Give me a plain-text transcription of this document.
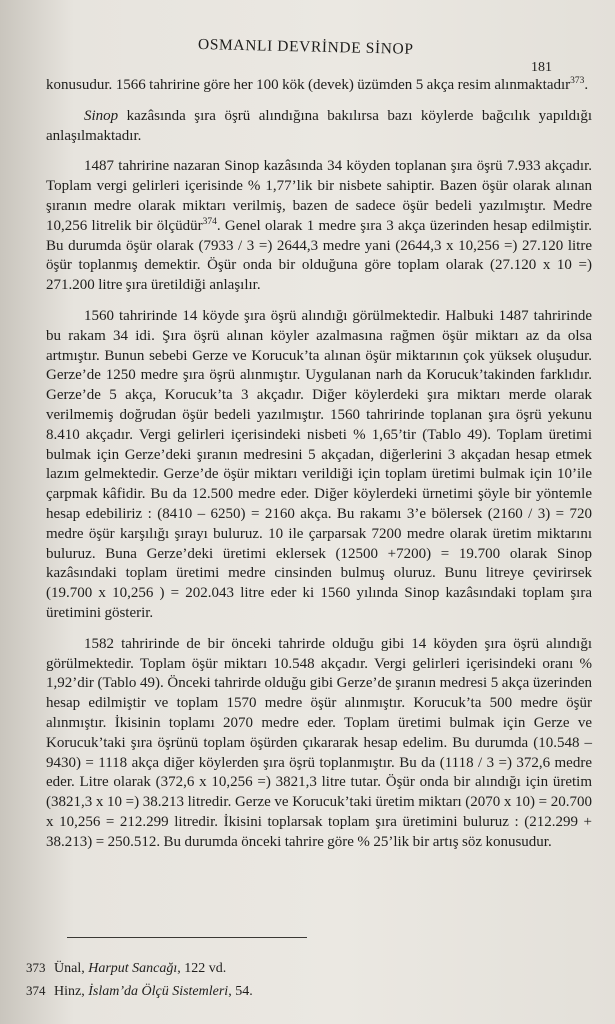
OSMANLI DEVRİNDE SİNOP
181

konusudur. 1566 tahririne göre her 100 kök (devek) üzümden 5 akça resim alınmaktadır$^{373}$.

Sinop kazâsında şıra öşrü alındığına bakılırsa bazı köylerde bağcılık yapıldığı anlaşılmaktadır.

1487 tahririne nazaran Sinop kazâsında 34 köyden toplanan şıra öşrü 7.933 akçadır. Toplam vergi gelirleri içerisinde % 1,77’lik bir nisbete sahiptir. Bazen öşür olarak alınan şıranın medre olarak miktarı verilmiş, bazen de sadece öşür bedeli yazılmıştır. Medre 10,256 litrelik bir ölçüdür$^{374}$. Genel olarak 1 medre şıra 3 akça üzerinden hesap edilmiştir. Bu durumda öşür olarak (7933 / 3 =) 2644,3 medre yani (2644,3 x 10,256 =) 27.120 litre öşür toplanmış demektir. Öşür onda bir olduğuna göre toplam olarak (27.120 x 10 =) 271.200 litre şıra üretildiği anlaşılır.

1560 tahririnde 14 köyde şıra öşrü alındığı görülmektedir. Halbuki 1487 tahririnde bu rakam 34 idi. Şıra öşrü alınan köyler azalmasına rağmen öşür miktarı az da olsa artmıştır. Bunun sebebi Gerze ve Korucuk’ta alınan öşür miktarının çok yüksek oluşudur. Gerze’de 1250 medre şıra öşrü alınmıştır. Uygulanan narh da Korucuk’takinden farklıdır. Gerze’de 5 akça, Korucuk’ta 3 akçadır. Diğer köylerdeki şıra miktarı merde olarak verilmemiş doğrudan öşür bedeli yazılmıştır. 1560 tahririnde toplanan şıra öşrü yekunu 8.410 akçadır. Vergi gelirleri içerisindeki nisbeti % 1,65’tir (Tablo 49). Toplam üretimi bulmak için Gerze’deki şıranın medresini 5 akçadan, diğerlerini 3 akçadan hesap etmek lazım gelmektedir. Gerze’de öşür miktarı verildiği için toplam üretimi bulmak için 10’ile çarpmak kâfidir. Bu da 12.500 medre eder. Diğer köylerdeki ürnetimi şöyle bir yöntemle hesap edebiliriz : (8410 – 6250) = 2160 akça. Bu rakamı 3’e bölersek (2160 / 3) = 720 medre öşür karşılığı şırayı buluruz. 10 ile çarparsak 7200 medre olarak üretim miktarını buluruz. Buna Gerze’deki üretimi eklersek (12500 +7200) = 19.700 olarak Sinop kazâsındaki toplam üretimi medre cinsinden bulmuş oluruz. Bunu litreye çevirirsek (19.700 x 10,256 ) = 202.043 litre eder ki 1560 yılında Sinop kazâsındaki toplam şıra üretimini gösterir.

1582 tahririnde de bir önceki tahrirde olduğu gibi 14 köyden şıra öşrü alındığı görülmektedir. Toplam öşür miktarı 10.548 akçadır. Vergi gelirleri içerisindeki oranı % 1,92’dir (Tablo 49). Önceki tahrirde olduğu gibi Gerze’de şıranın medresi 5 akça üzerinden hesap edilmiştir ve toplam 1570 medre öşür alınmıştır. Korucuk’ta 500 medre öşür alınmıştır. İkisinin toplamı 2070 medre eder. Toplam üretimi bulmak için Gerze ve Korucuk’taki şıra öşrünü toplam öşürden çıkararak hesap edelim. Bu durumda (10.548 – 9430) = 1118 akça diğer köylerden şıra öşrü toplanmıştır. Bu da (1118 / 3 =) 372,6 medre eder. Litre olarak (372,6 x 10,256 =) 3821,3 litre tutar. Öşür onda bir alındığı için üretim (3821,3 x 10 =) 38.213 litredir. Gerze ve Korucuk’taki üretim miktarı (2070 x 10) = 20.700 x 10,256 = 212.299 litredir. İkisini toplarsak toplam şıra üretimini buluruz : (212.299 + 38.213) = 250.512. Bu durumda önceki tahrire göre % 25’lik bir artış söz konusudur.

373 Ünal, Harput Sancağı, 122 vd.
374 Hinz, İslam’da Ölçü Sistemleri, 54.
